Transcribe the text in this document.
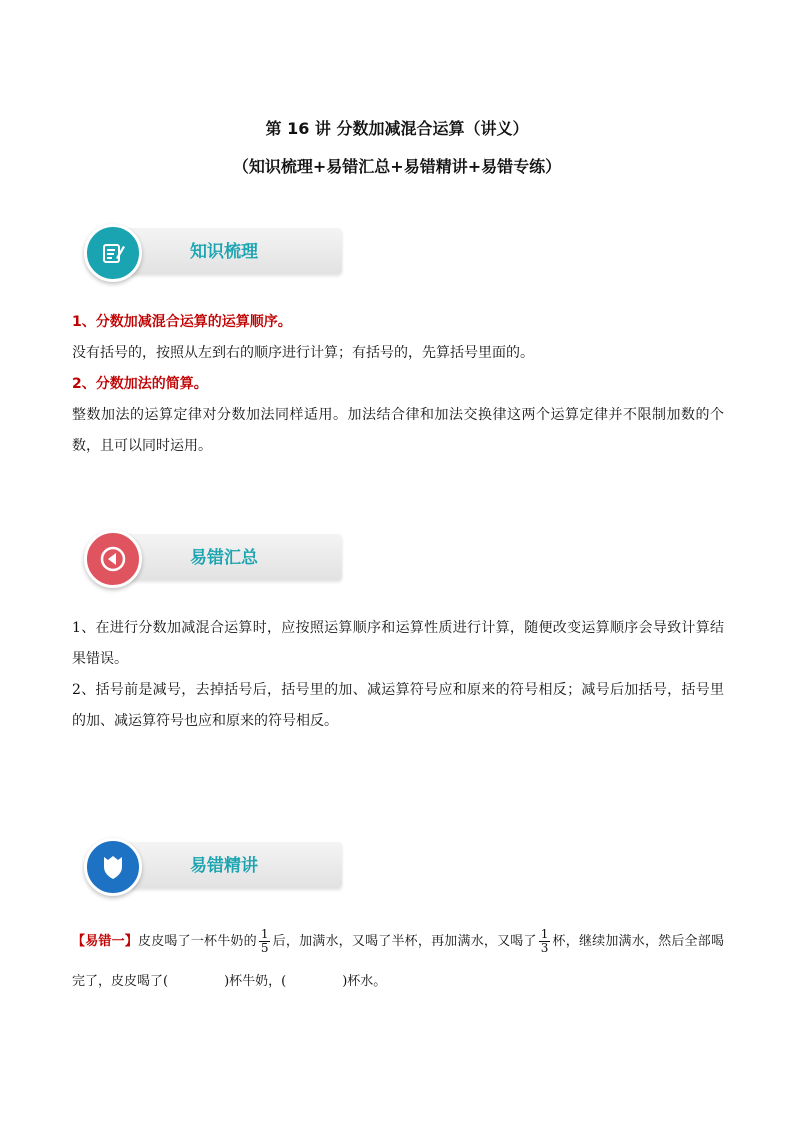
第 16 讲 分数加减混合运算（讲义）
（知识梳理+易错汇总+易错精讲+易错专练）
知识梳理
1、分数加减混合运算的运算顺序。
没有括号的，按照从左到右的顺序进行计算；有括号的，先算括号里面的。
2、分数加法的简算。
整数加法的运算定律对分数加法同样适用。加法结合律和加法交换律这两个运算定律并不限制加数的个数，且可以同时运用。
易错汇总
1、在进行分数加减混合运算时，应按照运算顺序和运算性质进行计算，随便改变运算顺序会导致计算结果错误。
2、括号前是减号，去掉括号后，括号里的加、减运算符号应和原来的符号相反；减号后加括号，括号里的加、减运算符号也应和原来的符号相反。
易错精讲
【易错一】皮皮喝了一杯牛奶的 $\frac{1}{5}$ 后，加满水，又喝了半杯，再加满水，又喝了 $\frac{1}{3}$ 杯，继续加满水，然后全部喝完了，皮皮喝了(	)杯牛奶，(	)杯水。
